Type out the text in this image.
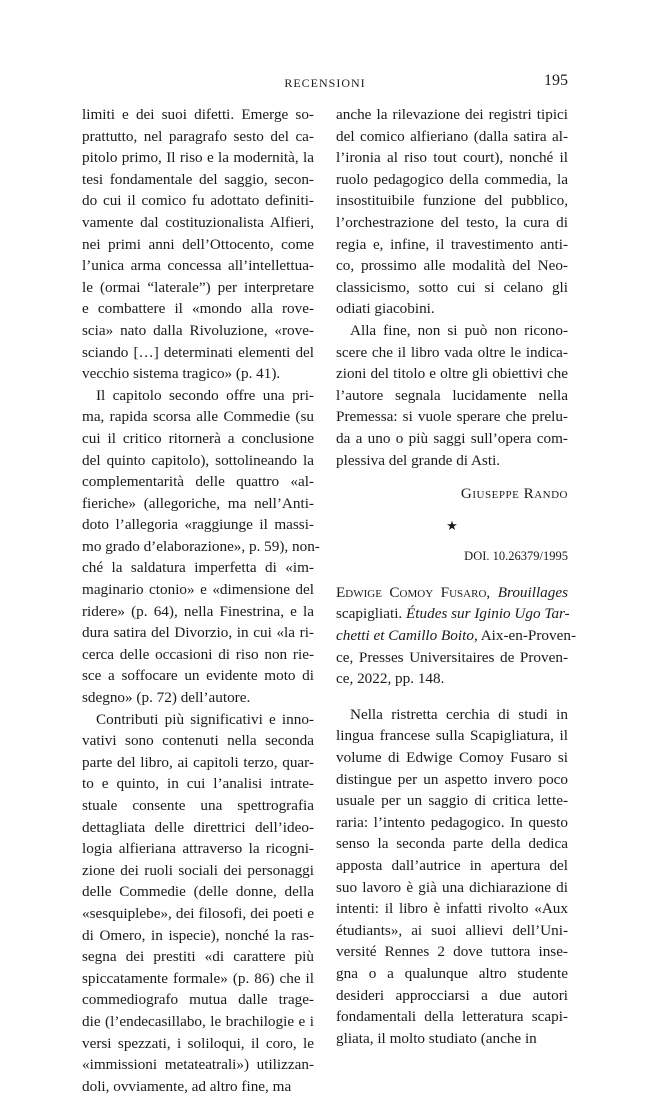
RECENSIONI	195
limiti e dei suoi difetti. Emerge so-
prattutto, nel paragrafo sesto del ca-
pitolo primo, Il riso e la modernità, la
tesi fondamentale del saggio, secon-
do cui il comico fu adottato definiti-
vamente dal costituzionalista Alfieri,
nei primi anni dell’Ottocento, come
l’unica arma concessa all’intellettua-
le (ormai “laterale”) per interpretare
e combattere il «mondo alla rove-
scia» nato dalla Rivoluzione, «rove-
sciando […] determinati elementi del
vecchio sistema tragico» (p. 41).
Il capitolo secondo offre una pri-
ma, rapida scorsa alle Commedie (su
cui il critico ritornerà a conclusione
del quinto capitolo), sottolineando la
complementarità delle quattro «al-
fieriche» (allegoriche, ma nell’Anti-
doto l’allegoria «raggiunge il massi-
mo grado d’elaborazione», p. 59), non-
ché la saldatura imperfetta di «im-
maginario ctonio» e «dimensione del
ridere» (p. 64), nella Finestrina, e la
dura satira del Divorzio, in cui «la ri-
cerca delle occasioni di riso non rie-
sce a soffocare un evidente moto di
sdegno» (p. 72) dell’autore.
Contributi più significativi e inno-
vativi sono contenuti nella seconda
parte del libro, ai capitoli terzo, quar-
to e quinto, in cui l’analisi intrate-
stuale consente una spettrografia
dettagliata delle direttrici dell’ideo-
logia alfieriana attraverso la ricogni-
zione dei ruoli sociali dei personaggi
delle Commedie (delle donne, della
«sesquiplebe», dei filosofi, dei poeti e
di Omero, in ispecie), nonché la ras-
segna dei prestiti «di carattere più
spiccatamente formale» (p. 86) che il
commediografo mutua dalle trage-
die (l’endecasillabo, le brachilogie e i
versi spezzati, i soliloqui, il coro, le
«immissioni metateatrali») utilizzan-
doli, ovviamente, ad altro fine, ma
anche la rilevazione dei registri tipici
del comico alfieriano (dalla satira al-
l’ironia al riso tout court), nonché il
ruolo pedagogico della commedia, la
insostituibile funzione del pubblico,
l’orchestrazione del testo, la cura di
regia e, infine, il travestimento anti-
co, prossimo alle modalità del Neo-
classicismo, sotto cui si celano gli
odiati giacobini.
Alla fine, non si può non ricono-
scere che il libro vada oltre le indica-
zioni del titolo e oltre gli obiettivi che
l’autore segnala lucidamente nella
Premessa: si vuole sperare che prelu-
da a uno o più saggi sull’opera com-
plessiva del grande di Asti.
Giuseppe Rando
★
DOI. 10.26379/1995
Edwige Comoy Fusaro, Brouillages
scapigliati. Études sur Iginio Ugo Tar-
chetti et Camillo Boito, Aix-en-Proven-
ce, Presses Universitaires de Proven-
ce, 2022, pp. 148.
Nella ristretta cerchia di studi in
lingua francese sulla Scapigliatura, il
volume di Edwige Comoy Fusaro si
distingue per un aspetto invero poco
usuale per un saggio di critica lette-
raria: l’intento pedagogico. In questo
senso la seconda parte della dedica
apposta dall’autrice in apertura del
suo lavoro è già una dichiarazione di
intenti: il libro è infatti rivolto «Aux
étudiants», ai suoi allievi dell’Uni-
versité Rennes 2 dove tuttora inse-
gna o a qualunque altro studente
desideri approcciarsi a due autori
fondamentali della letteratura scapi-
gliata, il molto studiato (anche in
